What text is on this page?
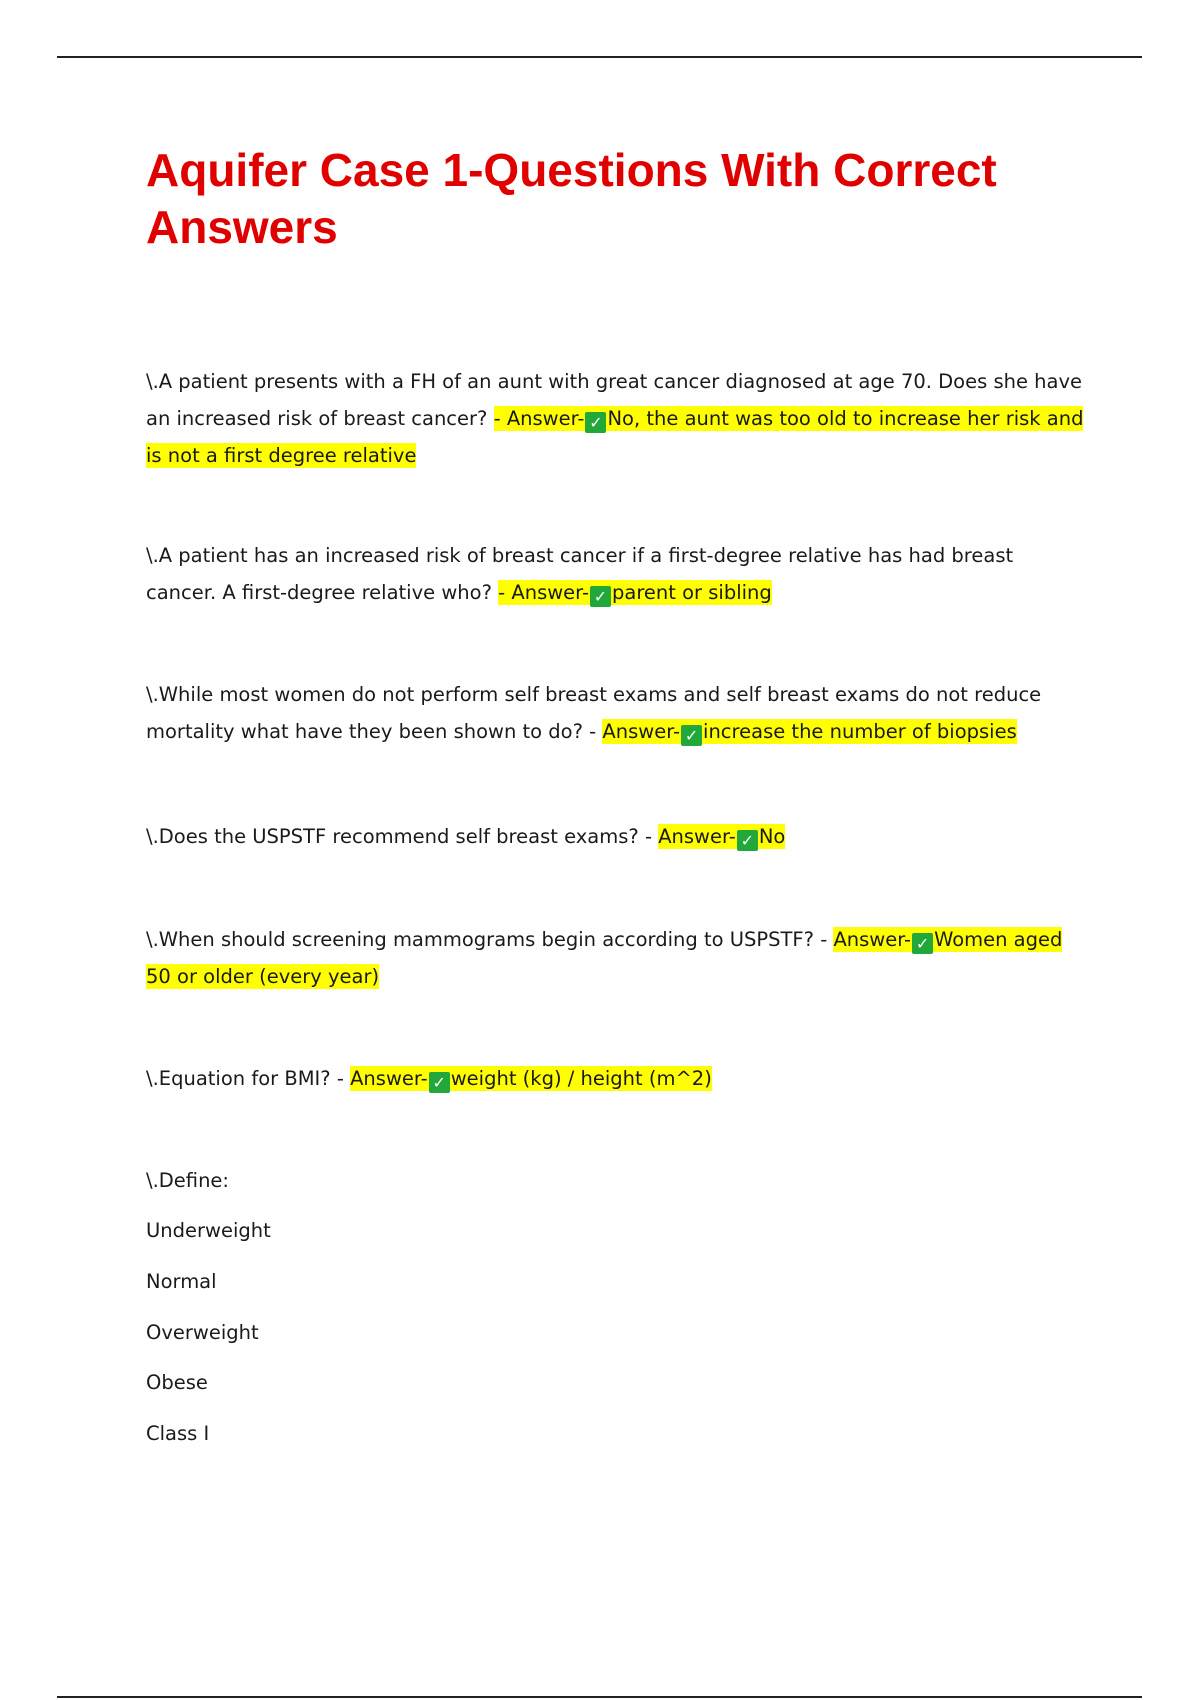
Aquifer Case 1-Questions With Correct Answers

\.A patient presents with a FH of an aunt with great cancer diagnosed at age 70. Does she have an increased risk of breast cancer? - Answer- ✓ No, the aunt was too old to increase her risk and is not a first degree relative

\.A patient has an increased risk of breast cancer if a first-degree relative has had breast cancer. A first-degree relative who? - Answer- ✓ parent or sibling

\.While most women do not perform self breast exams and self breast exams do not reduce mortality what have they been shown to do? - Answer- ✓ increase the number of biopsies

\.Does the USPSTF recommend self breast exams? - Answer- ✓ No

\.When should screening mammograms begin according to USPSTF? - Answer- ✓ Women aged 50 or older (every year)

\.Equation for BMI? - Answer- ✓ weight (kg) / height (m^2)

\.Define:

Underweight

Normal

Overweight

Obese

Class I
